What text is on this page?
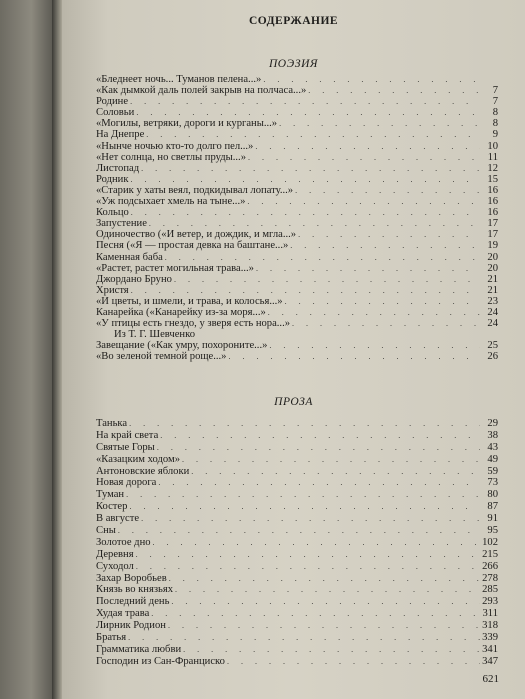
СОДЕРЖАНИЕ
ПОЭЗИЯ
«Бледнеет ночь... Туманов пелена...»
. . .
«Как дымкой даль полей закрыв на полчаса...» . . .	7
Родине . . .	7
Соловьи . . .	8
«Могилы, ветряки, дороги и курганы...» . . .	8
На Днепре . . .	9
«Нынче ночью кто-то долго пел...» . . .	10
«Нет солнца, но светлы пруды...» . . .	11
Листопад . . .	12
Родник . . .	15
«Старик у хаты веял, подкидывал лопату...» . . .	16
«Уж подсыхает хмель на тыне...» . . .	16
Кольцо . . .	16
Запустение . . .	17
Одиночество («И ветер, и дождик, и мгла...» . . .	17
Песня («Я — простая девка на баштане...» . . .	19
Каменная баба . . .	20
«Растет, растет могильная трава...» . . .	20
Джордано Бруно . . .	21
Христя . . .	21
«И цветы, и шмели, и трава, и колосья...» . . .	23
Канарейка («Канарейку из-за моря...» . . .	24
«У птицы есть гнездо, у зверя есть нора...» . . .	24
Из Т. Г. Шевченко
Завещание («Как умру, похороните...» . . .	25
«Во зеленой темной роще...» . . .	26
ПРОЗА
Танька . . .	29
На край света . . .	38
Святые Горы . . .	43
«Казацким ходом» . . .	49
Антоновские яблоки . . .	59
Новая дорога . . .	73
Туман . . .	80
Костер . . .	87
В августе . . .	91
Сны . . .	95
Золотое дно . . .	102
Деревня . . .	215
Суходол . . .	266
Захар Воробьев . . .	278
Князь во князьях . . .	285
Последний день . . .	293
Худая трава . . .	311
Лирник Родион . . .	318
Братья . . .	339
Грамматика любви . . .	341
Господин из Сан-Франциско . . .	347
621
